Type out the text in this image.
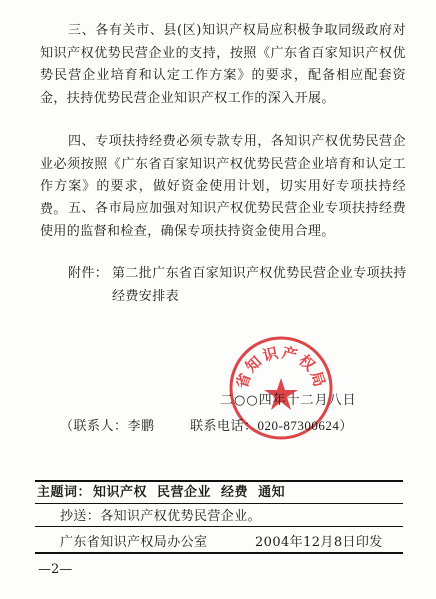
三、各有关市、县(区)知识产权局应积极争取同级政府对知识产权优势民营企业的支持，按照《广东省百家知识产权优势民营企业培育和认定工作方案》的要求，配备相应配套资金，扶持优势民营企业知识产权工作的深入开展。

四、专项扶持经费必须专款专用，各知识产权优势民营企业必须按照《广东省百家知识产权优势民营企业培育和认定工作方案》的要求，做好资金使用计划，切实用好专项扶持经费。 五、各市局应加强对知识产权优势民营企业专项扶持经费使用的监督和检查，确保专项扶持资金使用合理。

附件： 第二批广东省百家知识产权优势民营企业专项扶持经费安排表
省知识产权局
二○○四年十二月八日
（联系人：李鹏	联系电话：020-87300624）
主题词： 知识产权 民营企业 经费 通知
抄送：各知识产权优势民营企业。
广东省知识产权局办公室	2004年12月8日印发
—2—
